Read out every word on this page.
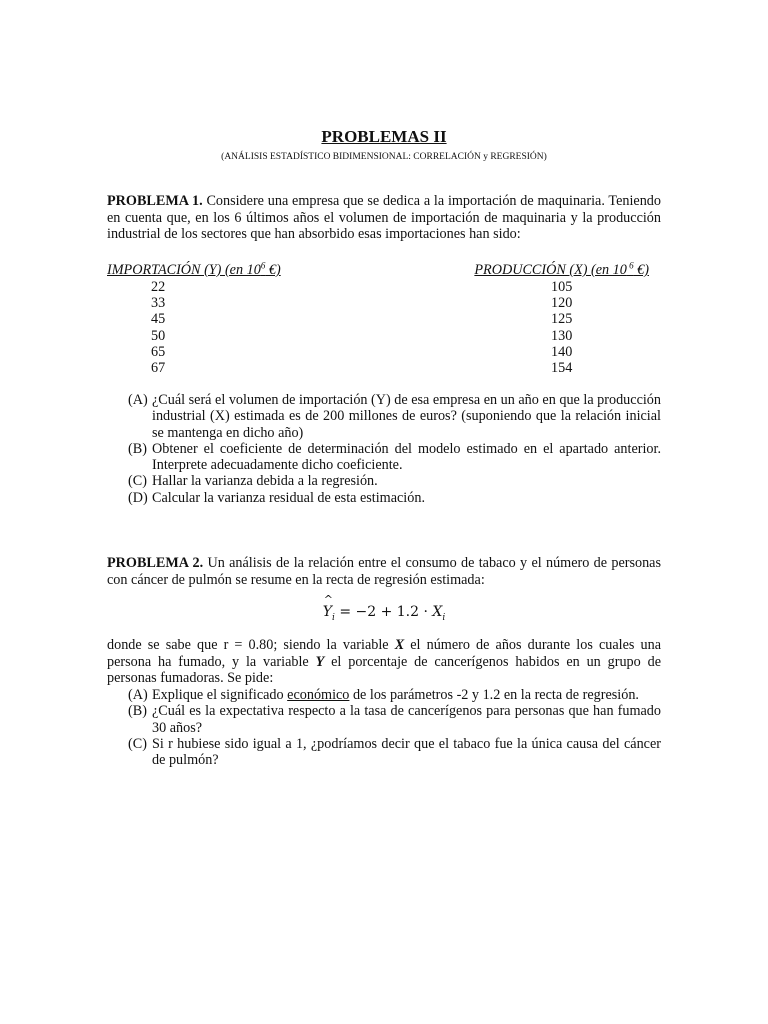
PROBLEMAS II

(ANÁLISIS ESTADÍSTICO BIDIMENSIONAL: CORRELACIÓN y REGRESIÓN)

PROBLEMA 1. Considere una empresa que se dedica a la importación de maquinaria. Teniendo en cuenta que, en los 6 últimos años el volumen de importación de maquinaria y la producción industrial de los sectores que han absorbido esas importaciones han sido:

IMPORTACIÓN (Y) (en $10^6$ €)	PRODUCCIÓN (X) (en 10 $^6$ €)
22	105
33	120
45	125
50	130
65	140
67	154
(A) ¿Cuál será el volumen de importación (Y) de esa empresa en un año en que la producción industrial (X) estimada es de 200 millones de euros? (suponiendo que la relación inicial se mantenga en dicho año)
(B) Obtener el coeficiente de determinación del modelo estimado en el apartado anterior. Interprete adecuadamente dicho coeficiente.
(C) Hallar la varianza debida a la regresión.
(D) Calcular la varianza residual de esta estimación.

PROBLEMA 2. Un análisis de la relación entre el consumo de tabaco y el número de personas con cáncer de pulmón se resume en la recta de regresión estimada:

^ $Y_i = -2 + 1.2 \cdot X_i$

donde se sabe que r = 0.80; siendo la variable X el número de años durante los cuales una persona ha fumado, y la variable Y el porcentaje de cancerígenos habidos en un grupo de personas fumadoras. Se pide:

(A) Explique el significado económico de los parámetros -2 y 1.2 en la recta de regresión.
(B) ¿Cuál es la expectativa respecto a la tasa de cancerígenos para personas que han fumado 30 años?
(C) Si r hubiese sido igual a 1, ¿podríamos decir que el tabaco fue la única causa del cáncer de pulmón?
